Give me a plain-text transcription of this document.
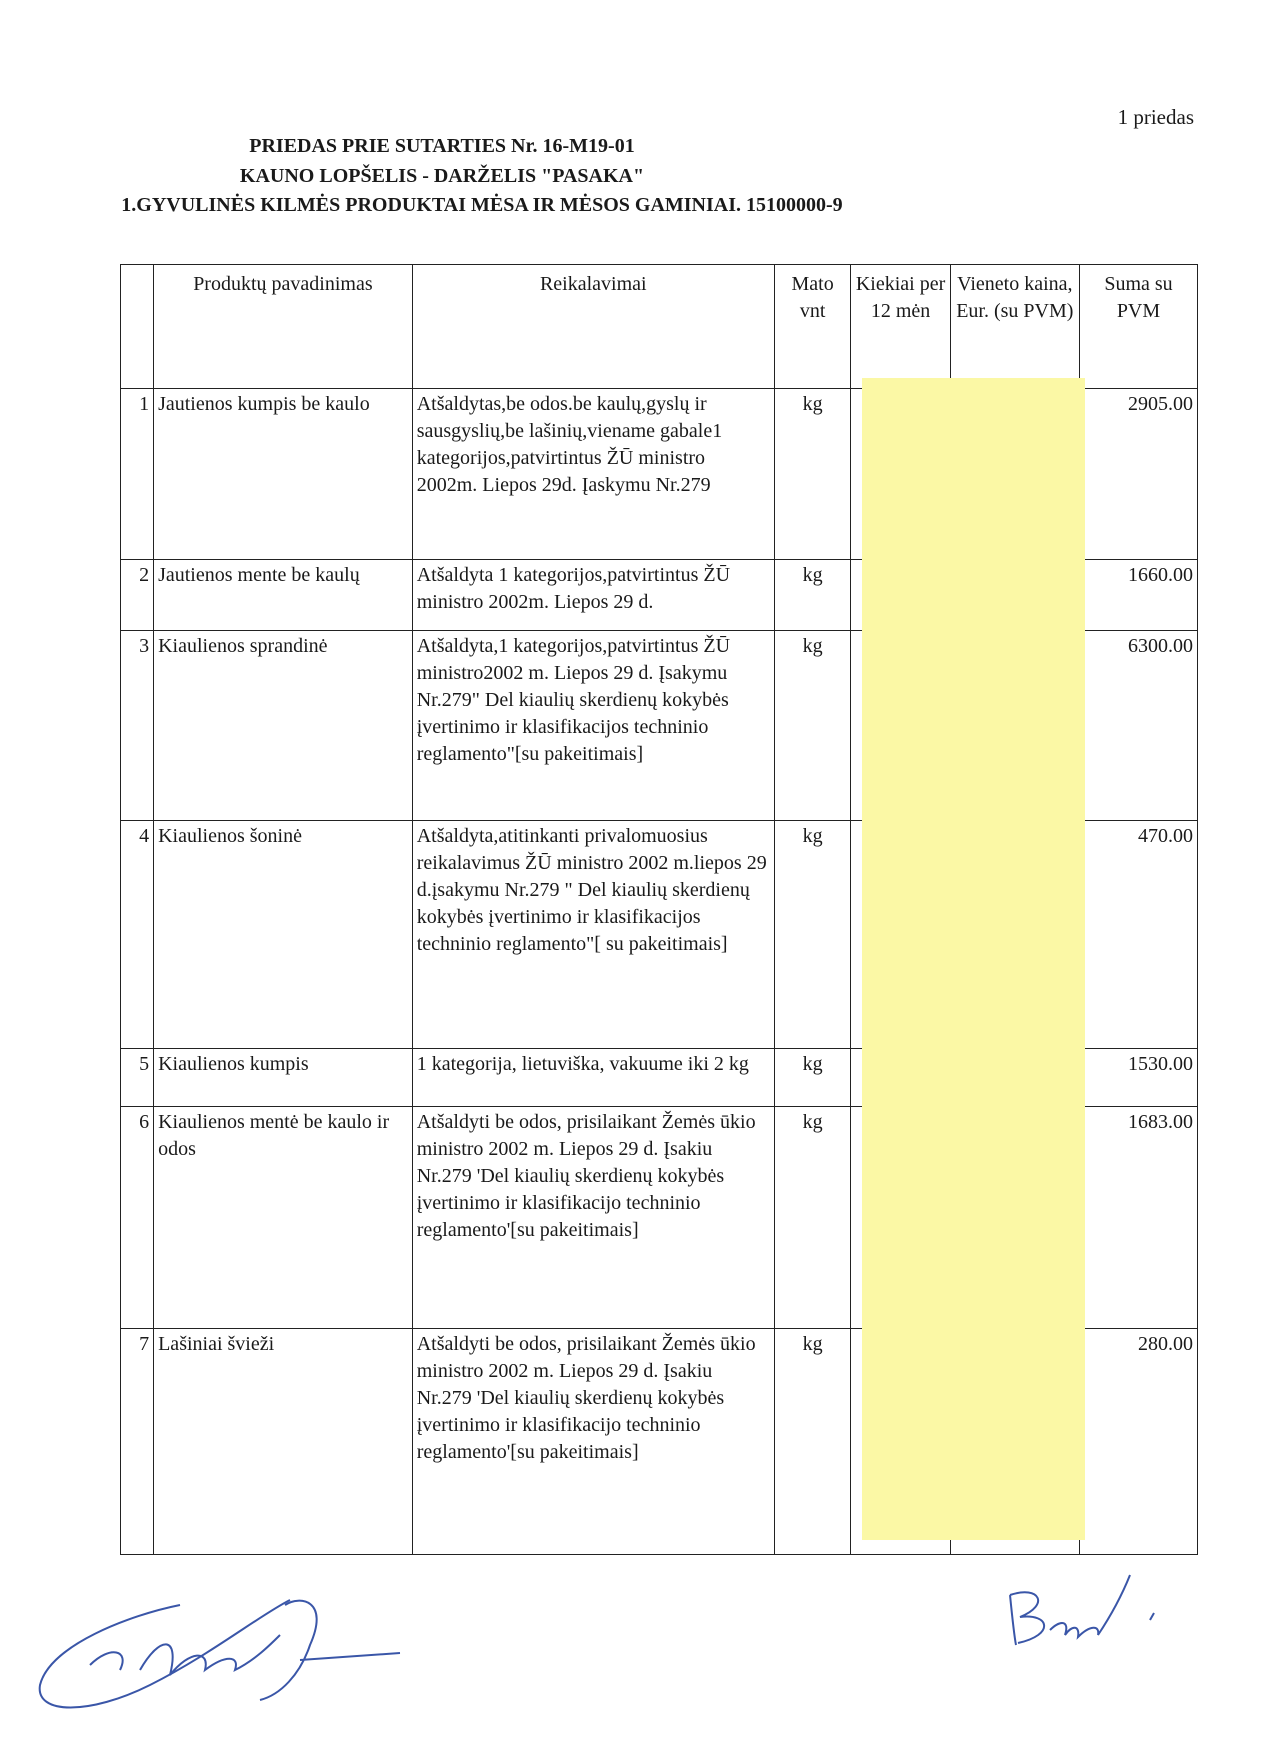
1 priedas
PRIEDAS PRIE SUTARTIES Nr. 16-M19-01
KAUNO LOPŠELIS - DARŽELIS "PASAKA"
1.GYVULINĖS KILMĖS PRODUKTAI MĖSA IR MĖSOS GAMINIAI. 15100000-9
	Produktų pavadinimas	Reikalavimai	Mato vnt	Kiekiai per 12 mėn	Vieneto kaina, Eur. (su PVM)	Suma su PVM
1	Jautienos kumpis be kaulo	Atšaldytas,be odos.be kaulų,gyslų ir sausgyslių,be lašinių,viename gabale1 kategorijos,patvirtintus ŽŪ ministro 2002m. Liepos 29d. Įaskymu Nr.279	kg			2905.00
2	Jautienos mente be kaulų	Atšaldyta 1 kategorijos,patvirtintus ŽŪ ministro 2002m. Liepos 29 d.	kg			1660.00
3	Kiaulienos sprandinė	Atšaldyta,1 kategorijos,patvirtintus ŽŪ ministro2002 m. Liepos 29 d. Įsakymu Nr.279" Del kiaulių skerdienų kokybės įvertinimo ir klasifikacijos techninio reglamento"[su pakeitimais]	kg			6300.00
4	Kiaulienos šoninė	Atšaldyta,atitinkanti privalomuosius reikalavimus ŽŪ ministro 2002 m.liepos 29 d.įsakymu Nr.279 " Del kiaulių skerdienų kokybės įvertinimo ir klasifikacijos techninio reglamento"[ su pakeitimais]	kg			470.00
5	Kiaulienos kumpis	1 kategorija, lietuviška, vakuume iki 2 kg	kg			1530.00
6	Kiaulienos mentė be kaulo ir odos	Atšaldyti be odos, prisilaikant Žemės ūkio ministro 2002 m. Liepos 29 d. Įsakiu Nr.279 'Del kiaulių skerdienų kokybės įvertinimo ir klasifikacijo techninio reglamento'[su pakeitimais]	kg			1683.00
7	Lašiniai švieži	Atšaldyti be odos, prisilaikant Žemės ūkio ministro 2002 m. Liepos 29 d. Įsakiu Nr.279 'Del kiaulių skerdienų kokybės įvertinimo ir klasifikacijo techninio reglamento'[su pakeitimais]	kg			280.00
